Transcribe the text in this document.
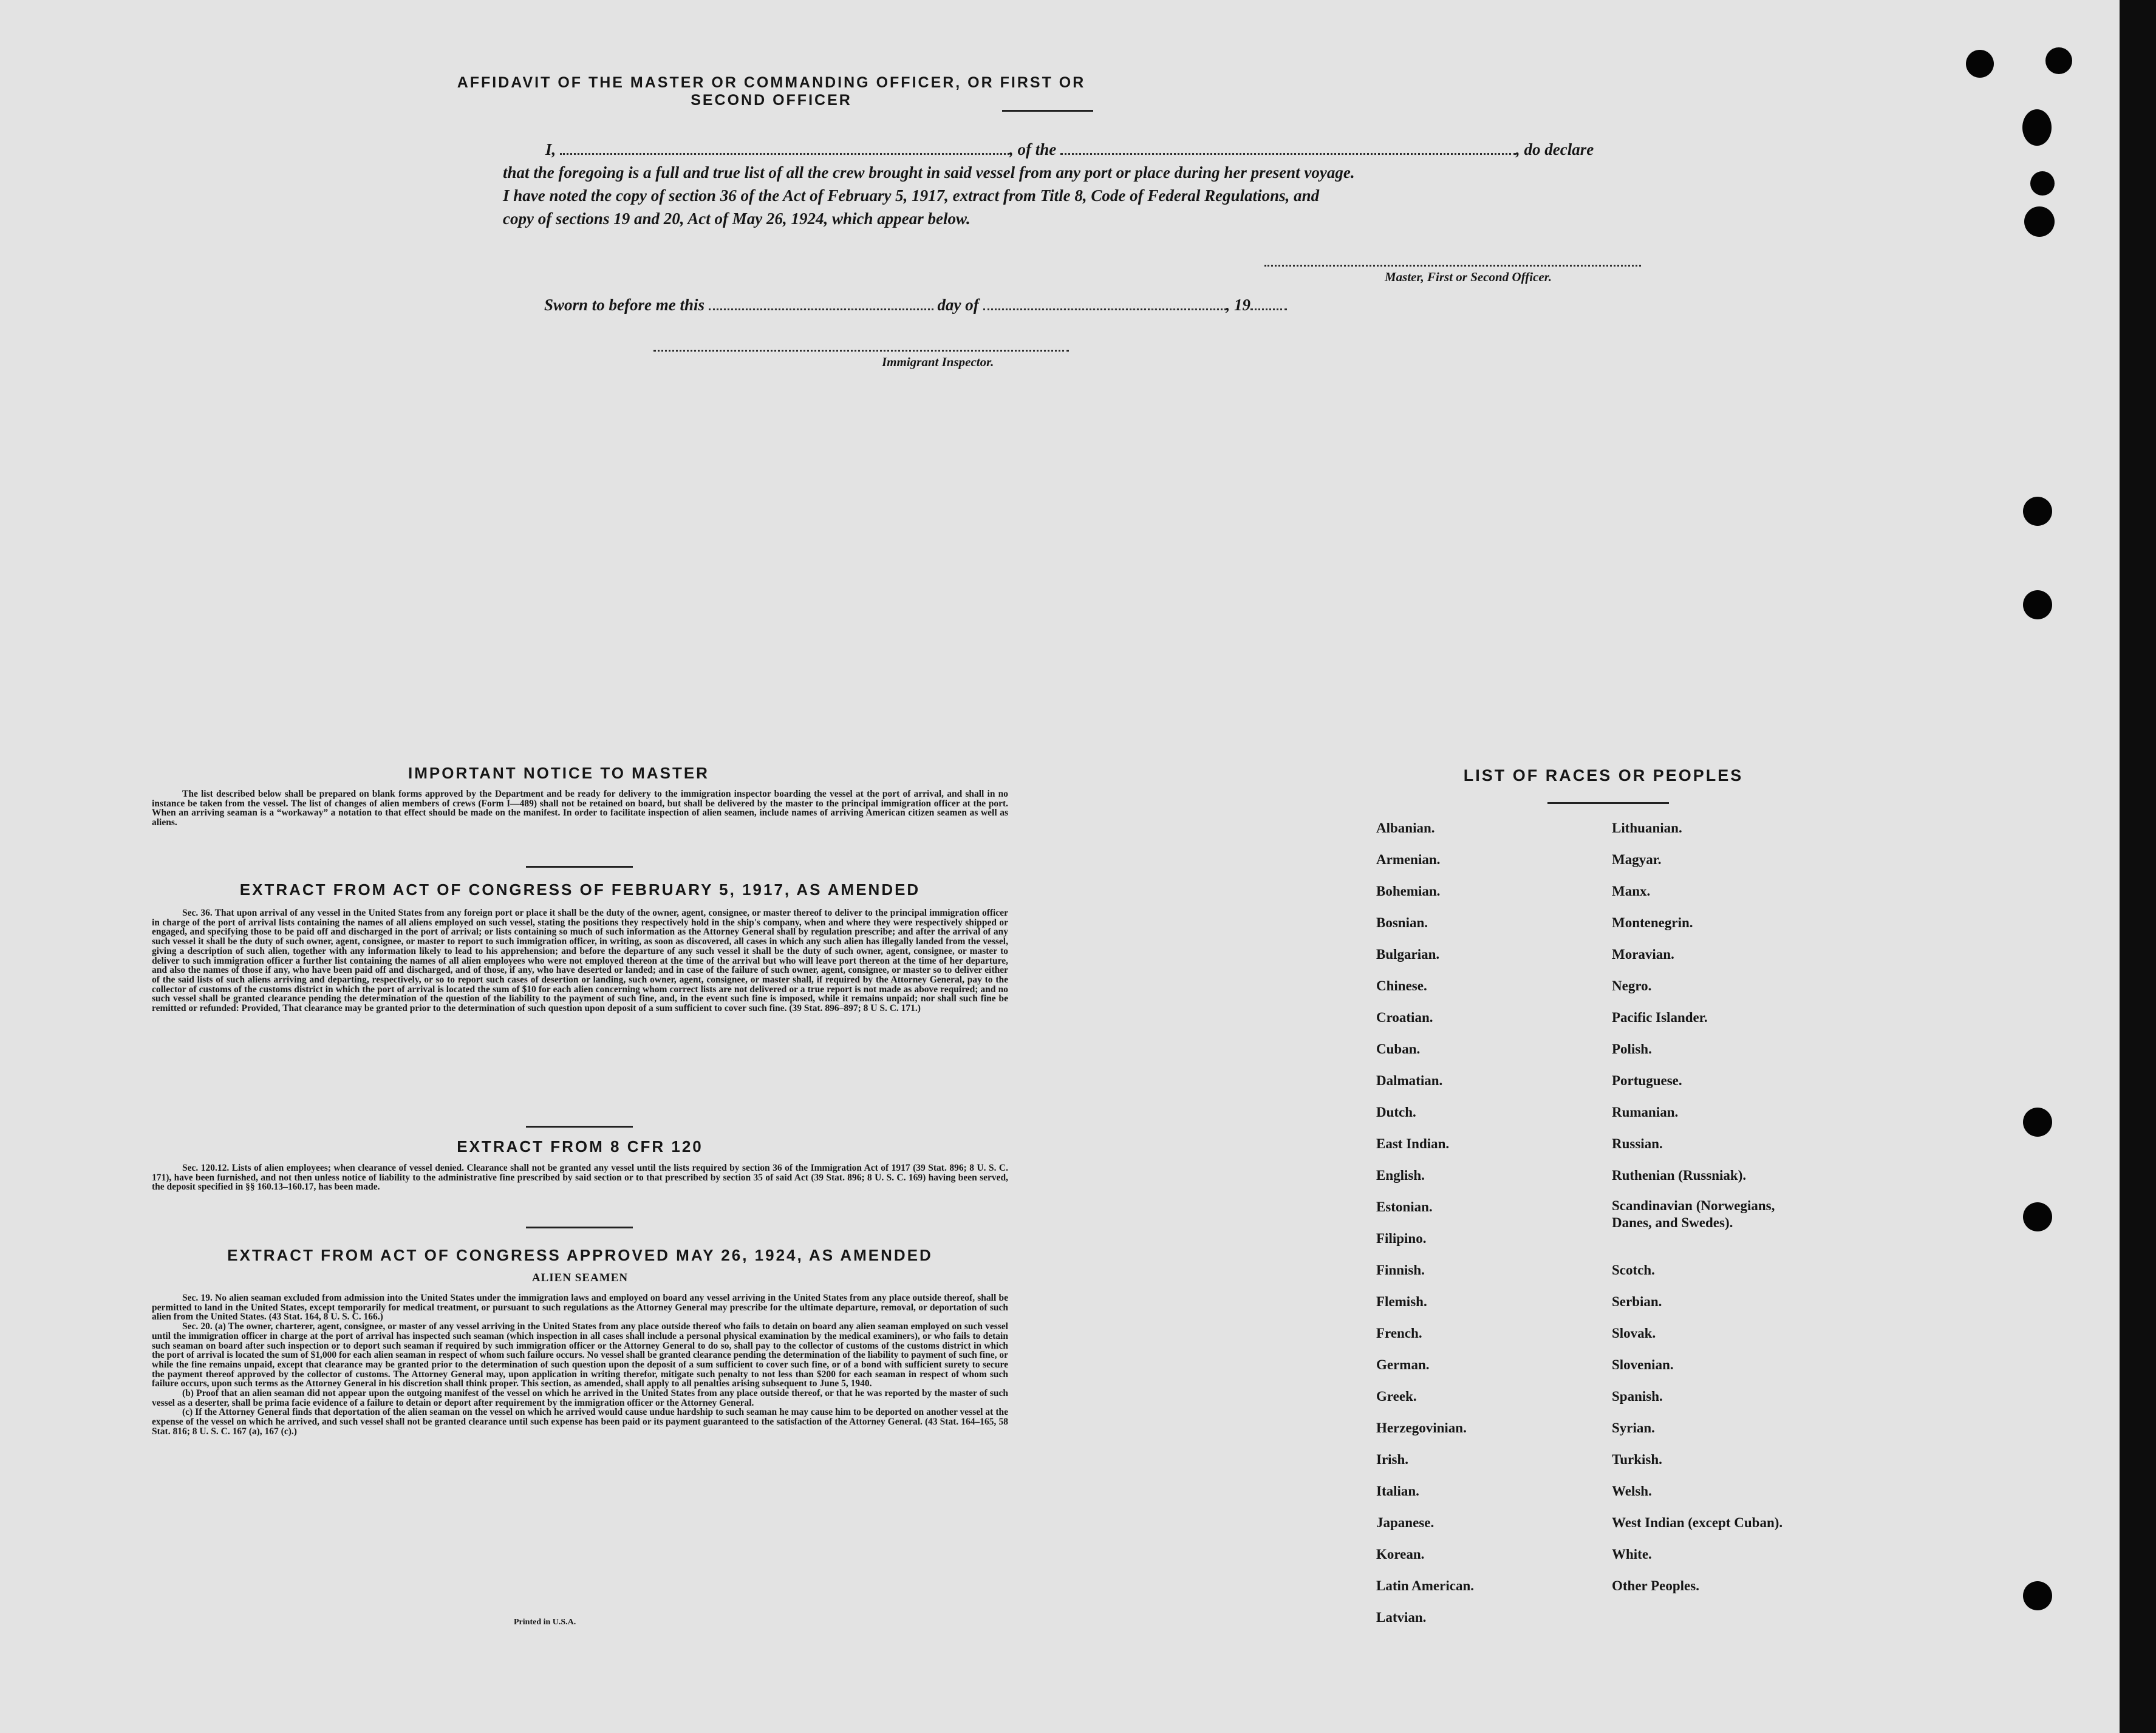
AFFIDAVIT OF THE MASTER OR COMMANDING OFFICER, OR FIRST OR SECOND OFFICER
I,	, of the	, do declare
that the foregoing is a full and true list of all the crew brought in said vessel from any port or place during her present voyage.
I have noted the copy of section 36 of the Act of February 5, 1917, extract from Title 8, Code of Federal Regulations, and
copy of sections 19 and 20, Act of May 26, 1924, which appear below.
Master, First or Second Officer.
Sworn to before me this	day of	, 19
Immigrant Inspector.
IMPORTANT NOTICE TO MASTER

The list described below shall be prepared on blank forms approved by the Department and be ready for delivery to the immigration inspector boarding the vessel at the port of arrival, and shall in no instance be taken from the vessel. The list of changes of alien members of crews (Form I—489) shall not be retained on board, but shall be delivered by the master to the principal immigration officer at the port. When an arriving seaman is a “workaway” a notation to that effect should be made on the manifest. In order to facilitate inspection of alien seamen, include names of arriving American citizen seamen as well as aliens.

EXTRACT FROM ACT OF CONGRESS OF FEBRUARY 5, 1917, AS AMENDED

Sec. 36. That upon arrival of any vessel in the United States from any foreign port or place it shall be the duty of the owner, agent, consignee, or master thereof to deliver to the principal immigration officer in charge of the port of arrival lists containing the names of all aliens employed on such vessel, stating the positions they respectively hold in the ship's company, when and where they were respectively shipped or engaged, and specifying those to be paid off and discharged in the port of arrival; or lists containing so much of such information as the Attorney General shall by regulation prescribe; and after the arrival of any such vessel it shall be the duty of such owner, agent, consignee, or master to report to such immigration officer, in writing, as soon as discovered, all cases in which any such alien has illegally landed from the vessel, giving a description of such alien, together with any information likely to lead to his apprehension; and before the departure of any such vessel it shall be the duty of such owner, agent, consignee, or master to deliver to such immigration officer a further list containing the names of all alien employees who were not employed thereon at the time of the arrival but who will leave port thereon at the time of her departure, and also the names of those if any, who have been paid off and discharged, and of those, if any, who have deserted or landed; and in case of the failure of such owner, agent, consignee, or master so to deliver either of the said lists of such aliens arriving and departing, respectively, or so to report such cases of desertion or landing, such owner, agent, consignee, or master shall, if required by the Attorney General, pay to the collector of customs of the customs district in which the port of arrival is located the sum of $10 for each alien concerning whom correct lists are not delivered or a true report is not made as above required; and no such vessel shall be granted clearance pending the determination of the question of the liability to the payment of such fine, and, in the event such fine is imposed, while it remains unpaid; nor shall such fine be remitted or refunded: Provided, That clearance may be granted prior to the determination of such question upon deposit of a sum sufficient to cover such fine. (39 Stat. 896–897; 8 U S. C. 171.)

EXTRACT FROM 8 CFR 120

Sec. 120.12. Lists of alien employees; when clearance of vessel denied. Clearance shall not be granted any vessel until the lists required by section 36 of the Immigration Act of 1917 (39 Stat. 896; 8 U. S. C. 171), have been furnished, and not then unless notice of liability to the administrative fine prescribed by said section or to that prescribed by section 35 of said Act (39 Stat. 896; 8 U. S. C. 169) having been served, the deposit specified in §§ 160.13–160.17, has been made.

EXTRACT FROM ACT OF CONGRESS APPROVED MAY 26, 1924, AS AMENDED
ALIEN SEAMEN

Sec. 19. No alien seaman excluded from admission into the United States under the immigration laws and employed on board any vessel arriving in the United States from any place outside thereof, shall be permitted to land in the United States, except temporarily for medical treatment, or pursuant to such regulations as the Attorney General may prescribe for the ultimate departure, removal, or deportation of such alien from the United States. (43 Stat. 164, 8 U. S. C. 166.)

Sec. 20. (a) The owner, charterer, agent, consignee, or master of any vessel arriving in the United States from any place outside thereof who fails to detain on board any alien seaman employed on such vessel until the immigration officer in charge at the port of arrival has inspected such seaman (which inspection in all cases shall include a personal physical examination by the medical examiners), or who fails to detain such seaman on board after such inspection or to deport such seaman if required by such immigration officer or the Attorney General to do so, shall pay to the collector of customs of the customs district in which the port of arrival is located the sum of $1,000 for each alien seaman in respect of whom such failure occurs. No vessel shall be granted clearance pending the determination of the liability to payment of such fine, or while the fine remains unpaid, except that clearance may be granted prior to the determination of such question upon the deposit of a sum sufficient to cover such fine, or of a bond with sufficient surety to secure the payment thereof approved by the collector of customs. The Attorney General may, upon application in writing therefor, mitigate such penalty to not less than $200 for each seaman in respect of whom such failure occurs, upon such terms as the Attorney General in his discretion shall think proper. This section, as amended, shall apply to all penalties arising subsequent to June 5, 1940.

(b) Proof that an alien seaman did not appear upon the outgoing manifest of the vessel on which he arrived in the United States from any place outside thereof, or that he was reported by the master of such vessel as a deserter, shall be prima facie evidence of a failure to detain or deport after requirement by the immigration officer or the Attorney General.

(c) If the Attorney General finds that deportation of the alien seaman on the vessel on which he arrived would cause undue hardship to such seaman he may cause him to be deported on another vessel at the expense of the vessel on which he arrived, and such vessel shall not be granted clearance until such expense has been paid or its payment guaranteed to the satisfaction of the Attorney General. (43 Stat. 164–165, 58 Stat. 816; 8 U. S. C. 167 (a), 167 (c).)

Printed in U.S.A.
LIST OF RACES OR PEOPLES
Albanian.
Armenian.
Bohemian.
Bosnian.
Bulgarian.
Chinese.
Croatian.
Cuban.
Dalmatian.
Dutch.
East Indian.
English.
Estonian.
Filipino.
Finnish.
Flemish.
French.
German.
Greek.
Herzegovinian.
Irish.
Italian.
Japanese.
Korean.
Latin American.
Latvian.
Lithuanian.
Magyar.
Manx.
Montenegrin.
Moravian.
Negro.
Pacific Islander.
Polish.
Portuguese.
Rumanian.
Russian.
Ruthenian (Russniak).
Scandinavian (Norwegians, Danes, and Swedes).
Scotch.
Serbian.
Slovak.
Slovenian.
Spanish.
Syrian.
Turkish.
Welsh.
West Indian (except Cuban).
White.
Other Peoples.
